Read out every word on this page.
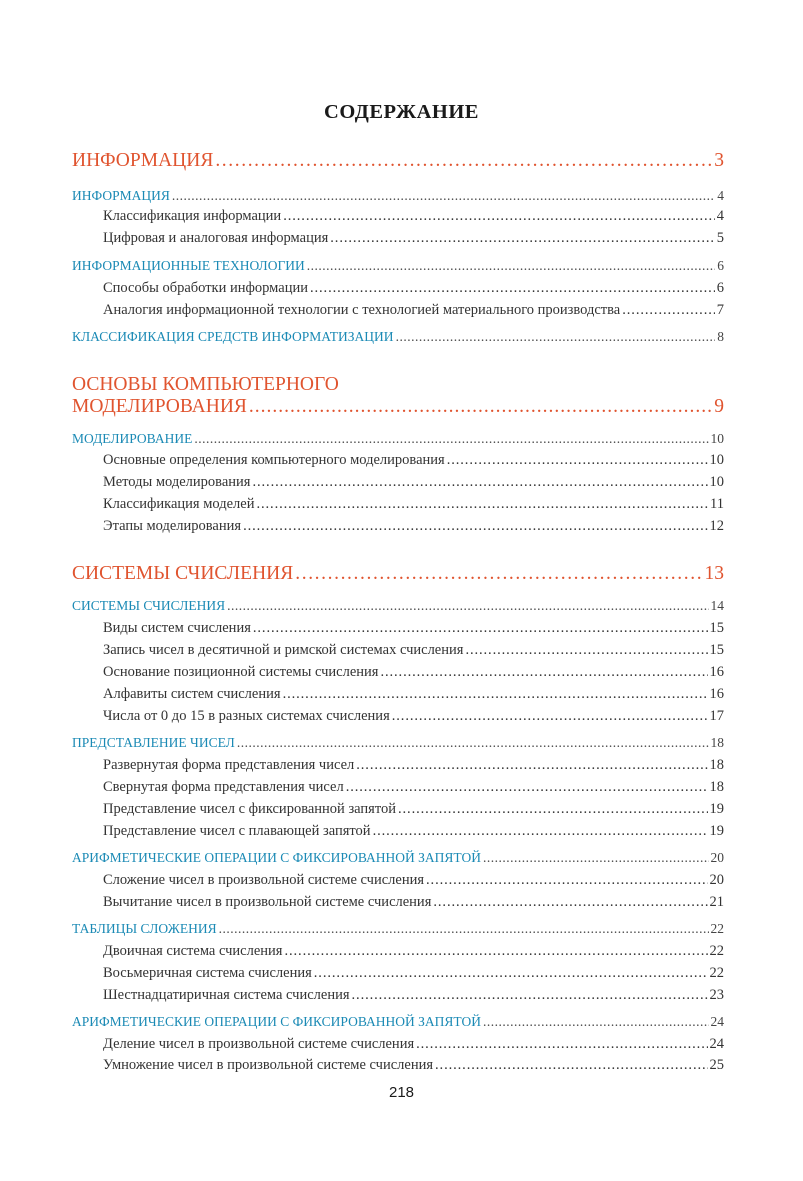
СОДЕРЖАНИЕ
ИНФОРМАЦИЯ .....	3
ИНФОРМАЦИЯ .....	4
Классификация информации .....	4
Цифровая и аналоговая информация .....	5
ИНФОРМАЦИОННЫЕ ТЕХНОЛОГИИ .....	6
Способы обработки информации .....	6
Аналогия информационной технологии с технологией материального производства .....	7
КЛАССИФИКАЦИЯ СРЕДСТВ ИНФОРМАТИЗАЦИИ .....	8
ОСНОВЫ КОМПЬЮТЕРНОГО
МОДЕЛИРОВАНИЯ .....	9
МОДЕЛИРОВАНИЕ .....	10
Основные определения компьютерного моделирования .....	10
Методы моделирования .....	10
Классификация моделей .....	11
Этапы моделирования .....	12
СИСТЕМЫ СЧИСЛЕНИЯ .....	13
СИСТЕМЫ СЧИСЛЕНИЯ .....	14
Виды систем счисления .....	15
Запись чисел в десятичной и римской системах счисления .....	15
Основание позиционной системы счисления .....	16
Алфавиты систем счисления .....	16
Числа от 0 до 15 в разных системах счисления .....	17
ПРЕДСТАВЛЕНИЕ ЧИСЕЛ .....	18
Развернутая форма представления чисел .....	18
Свернутая форма представления чисел .....	18
Представление чисел с фиксированной запятой .....	19
Представление чисел с плавающей запятой .....	19
АРИФМЕТИЧЕСКИЕ ОПЕРАЦИИ С ФИКСИРОВАННОЙ ЗАПЯТОЙ .....	20
Сложение чисел в произвольной системе счисления .....	20
Вычитание чисел в произвольной системе счисления .....	21
ТАБЛИЦЫ СЛОЖЕНИЯ .....	22
Двоичная система счисления .....	22
Восьмеричная система счисления .....	22
Шестнадцатиричная система счисления .....	23
АРИФМЕТИЧЕСКИЕ ОПЕРАЦИИ С ФИКСИРОВАННОЙ ЗАПЯТОЙ .....	24
Деление чисел в произвольной системе счисления .....	24
Умножение чисел в произвольной системе счисления .....	25
218
